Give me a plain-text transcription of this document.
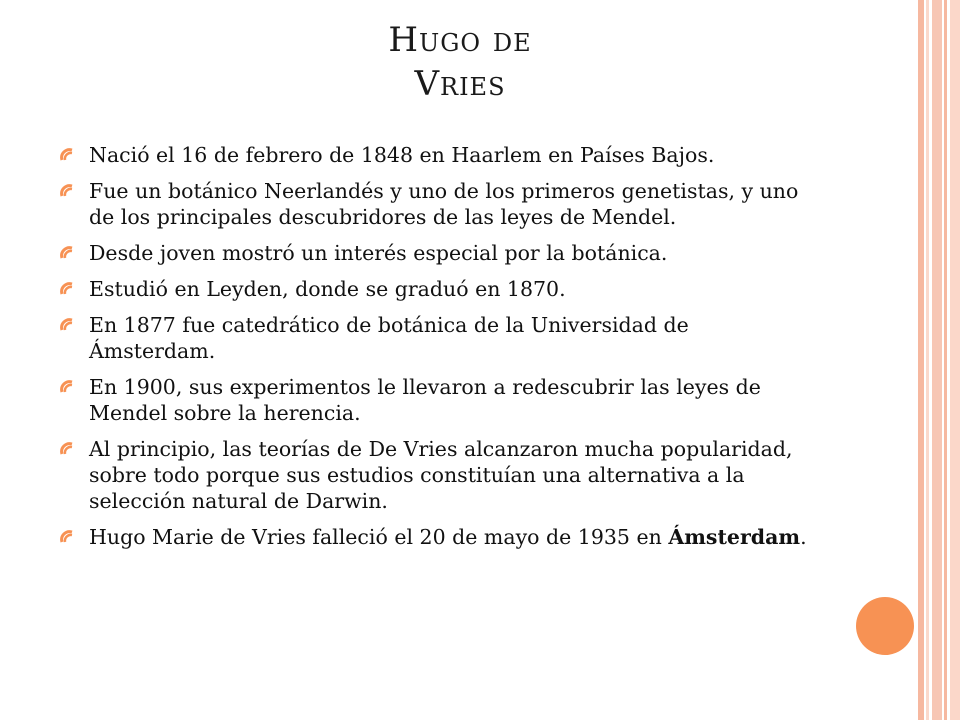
Hugo de
Vries
Nació el 16 de febrero de 1848 en Haarlem en Países Bajos.
Fue un botánico Neerlandés y uno de los primeros genetistas, y uno de los principales descubridores de las leyes de Mendel.
Desde joven mostró un interés especial por la botánica.
Estudió en Leyden, donde se graduó en 1870.
En 1877 fue catedrático de botánica de la Universidad de Ámsterdam.
En 1900, sus experimentos le llevaron a redescubrir las leyes de Mendel sobre la herencia.
Al principio, las teorías de De Vries alcanzaron mucha popularidad, sobre todo porque sus estudios constituían una alternativa a la selección natural de Darwin.
Hugo Marie de Vries falleció el 20 de mayo de 1935 en Ámsterdam.
